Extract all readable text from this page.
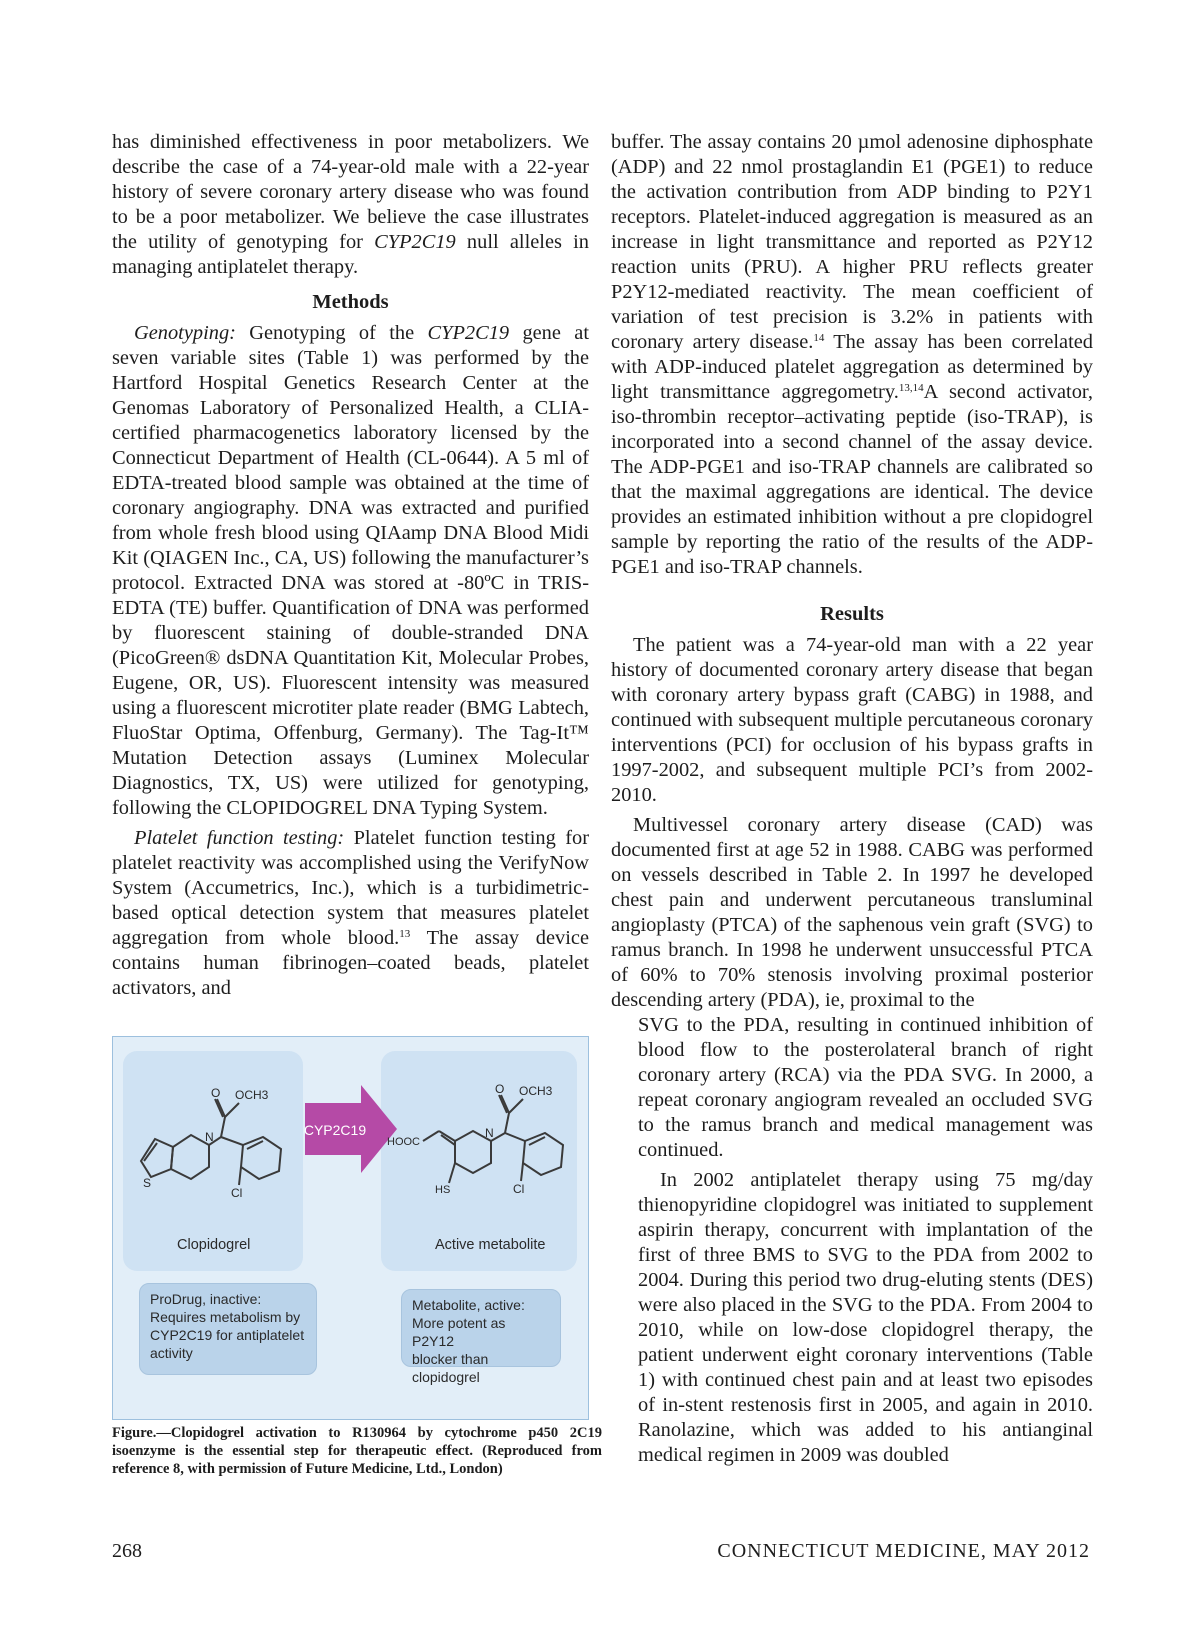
has diminished effectiveness in poor metabolizers. We describe the case of a 74-year-old male with a 22-year history of severe coronary artery disease who was found to be a poor metabolizer. We believe the case illustrates the utility of genotyping for CYP2C19 null alleles in managing antiplatelet therapy.

Methods

Genotyping: Genotyping of the CYP2C19 gene at seven variable sites (Table 1) was performed by the Hartford Hospital Genetics Research Center at the Genomas Laboratory of Personalized Health, a CLIA-certified pharmacogenetics laboratory licensed by the Connecticut Department of Health (CL-0644). A 5 ml of EDTA-treated blood sample was obtained at the time of coronary angiography. DNA was extracted and purified from whole fresh blood using QIAamp DNA Blood Midi Kit (QIAGEN Inc., CA, US) following the manufacturer’s protocol. Extracted DNA was stored at -80ºC in TRIS-EDTA (TE) buffer. Quantification of DNA was performed by fluorescent staining of double-stranded DNA (PicoGreen® dsDNA Quantitation Kit, Molecular Probes, Eugene, OR, US). Fluorescent intensity was measured using a fluorescent microtiter plate reader (BMG Labtech, FluoStar Optima, Offenburg, Germany). The Tag-It™ Mutation Detection assays (Luminex Molecular Diagnostics, TX, US) were utilized for genotyping, following the CLOPIDOGREL DNA Typing System.

Platelet function testing: Platelet function testing for platelet reactivity was accomplished using the VerifyNow System (Accumetrics, Inc.), which is a turbidimetric-based optical detection system that measures platelet aggregation from whole blood.$^{13}$ The assay device contains human fibrinogen–coated beads, platelet activators, and

buffer. The assay contains 20 µmol adenosine diphosphate (ADP) and 22 nmol prostaglandin E1 (PGE1) to reduce the activation contribution from ADP binding to P2Y1 receptors. Platelet-induced aggregation is measured as an increase in light transmittance and reported as P2Y12 reaction units (PRU). A higher PRU reflects greater P2Y12-mediated reactivity. The mean coefficient of variation of test precision is 3.2% in patients with coronary artery disease.$^{14}$ The assay has been correlated with ADP-induced platelet aggregation as determined by light transmittance aggregometry.$^{13,14}$A second activator, iso-thrombin receptor–activating peptide (iso-TRAP), is incorporated into a second channel of the assay device. The ADP-PGE1 and iso-TRAP channels are calibrated so that the maximal aggregations are identical. The device provides an estimated inhibition without a pre clopidogrel sample by reporting the ratio of the results of the ADP-PGE1 and iso-TRAP channels.

Results

The patient was a 74-year-old man with a 22 year history of documented coronary artery disease that began with coronary artery bypass graft (CABG) in 1988, and continued with subsequent multiple percutaneous coronary interventions (PCI) for occlusion of his bypass grafts in 1997-2002, and subsequent multiple PCI’s from 2002-2010.

Multivessel coronary artery disease (CAD) was documented first at age 52 in 1988. CABG was performed on vessels described in Table 2. In 1997 he developed chest pain and underwent percutaneous transluminal angioplasty (PTCA) of the saphenous vein graft (SVG) to ramus branch. In 1998 he underwent unsuccessful PTCA of 60% to 70% stenosis involving proximal posterior descending artery (PDA), ie, proximal to the

SVG to the PDA, resulting in continued inhibition of blood flow to the posterolateral branch of right coronary artery (RCA) via the PDA SVG. In 2000, a repeat coronary angiogram revealed an occluded SVG to the ramus branch and medical management was continued.

In 2002 antiplatelet therapy using 75 mg/day thienopyridine clopidogrel was initiated to supplement aspirin therapy, concurrent with implantation of the first of three BMS to SVG to the PDA from 2002 to 2004. During this period two drug-eluting stents (DES) were also placed in the SVG to the PDA. From 2004 to 2010, while on low-dose clopidogrel therapy, the patient underwent eight coronary interventions (Table 1) with continued chest pain and at least two episodes of in-stent restenosis first in 2005, and again in 2010. Ranolazine, which was added to his antianginal medical regimen in 2009 was doubled

CYP2C19
O OCH3
N
S
Cl
O OCH3
N
HOOC
HS	Cl
Clopidogrel	Active metabolite
ProDrug, inactive:
Requires metabolism by
CYP2C19 for antiplatelet
activity
Metabolite, active:
More potent as P2Y12
blocker than clopidogrel
Figure.—Clopidogrel activation to R130964 by cytochrome p450 2C19 isoenzyme is the essential step for therapeutic effect. (Reproduced from reference 8, with permission of Future Medicine, Ltd., London)
268	CONNECTICUT MEDICINE, MAY 2012
